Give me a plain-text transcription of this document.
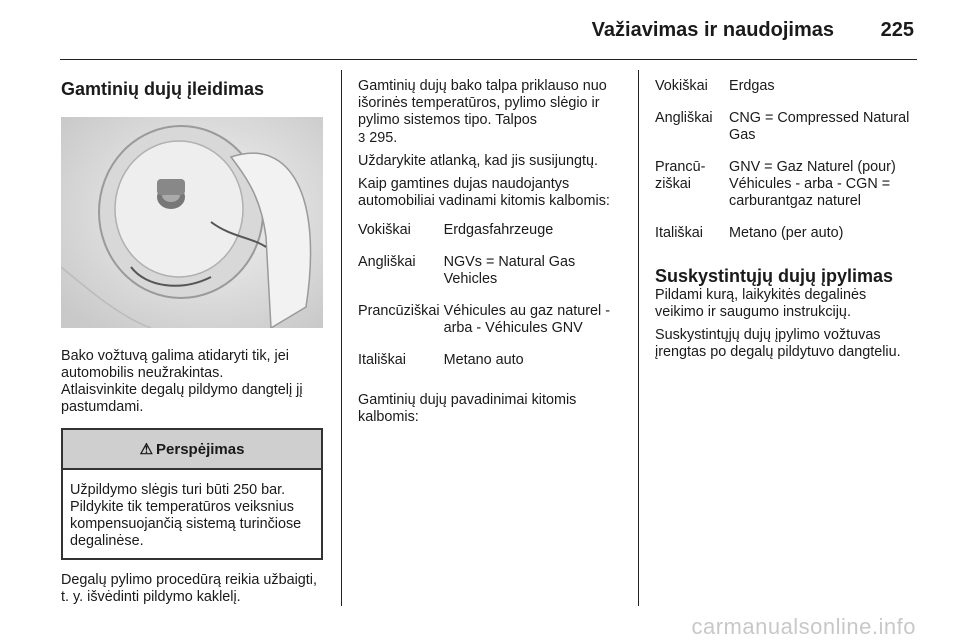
Važiavimas ir naudojimas 225
Gamtinių dujų įleidimas

Bako vožtuvą galima atidaryti tik, jei automobilis neužrakintas.

Atlaisvinkite degalų pildymo dangtelį jį pastumdami.

⚠ Perspėjimas
Užpildymo slėgis turi būti 250 bar. Pildykite tik temperatūros veiksnius kompensuojančią sistemą turinčiose degalinėse.

Degalų pylimo procedūrą reikia užbaigti, t. y. išvėdinti pildymo kaklelį.

Gamtinių dujų bako talpa priklauso nuo išorinės temperatūros, pylimo slėgio ir pylimo sistemos tipo. Talpos
3 295.

Uždarykite atlanką, kad jis susijungtų.

Kaip gamtines dujas naudojantys automobiliai vadinami kitomis kalbomis:

Vokiškai	Erdgasfahrzeuge
Angliškai	NGVs = Natural Gas Vehicles
Prancūziškai	Véhicules au gaz naturel - arba - Véhicules GNV
Itališkai	Metano auto

Gamtinių dujų pavadinimai kitomis kalbomis:

Vokiškai	Erdgas
Angliškai	CNG = Compressed Natural Gas
Prancū-ziškai	GNV = Gaz Naturel (pour) Véhicules - arba - CGN = carburantgaz naturel
Itališkai	Metano (per auto)
Suskystintųjų dujų įpylimas

Pildami kurą, laikykitės degalinės veikimo ir saugumo instrukcijų.

Suskystintųjų dujų įpylimo vožtuvas įrengtas po degalų pildytuvo dangteliu.

carmanualsonline.info
